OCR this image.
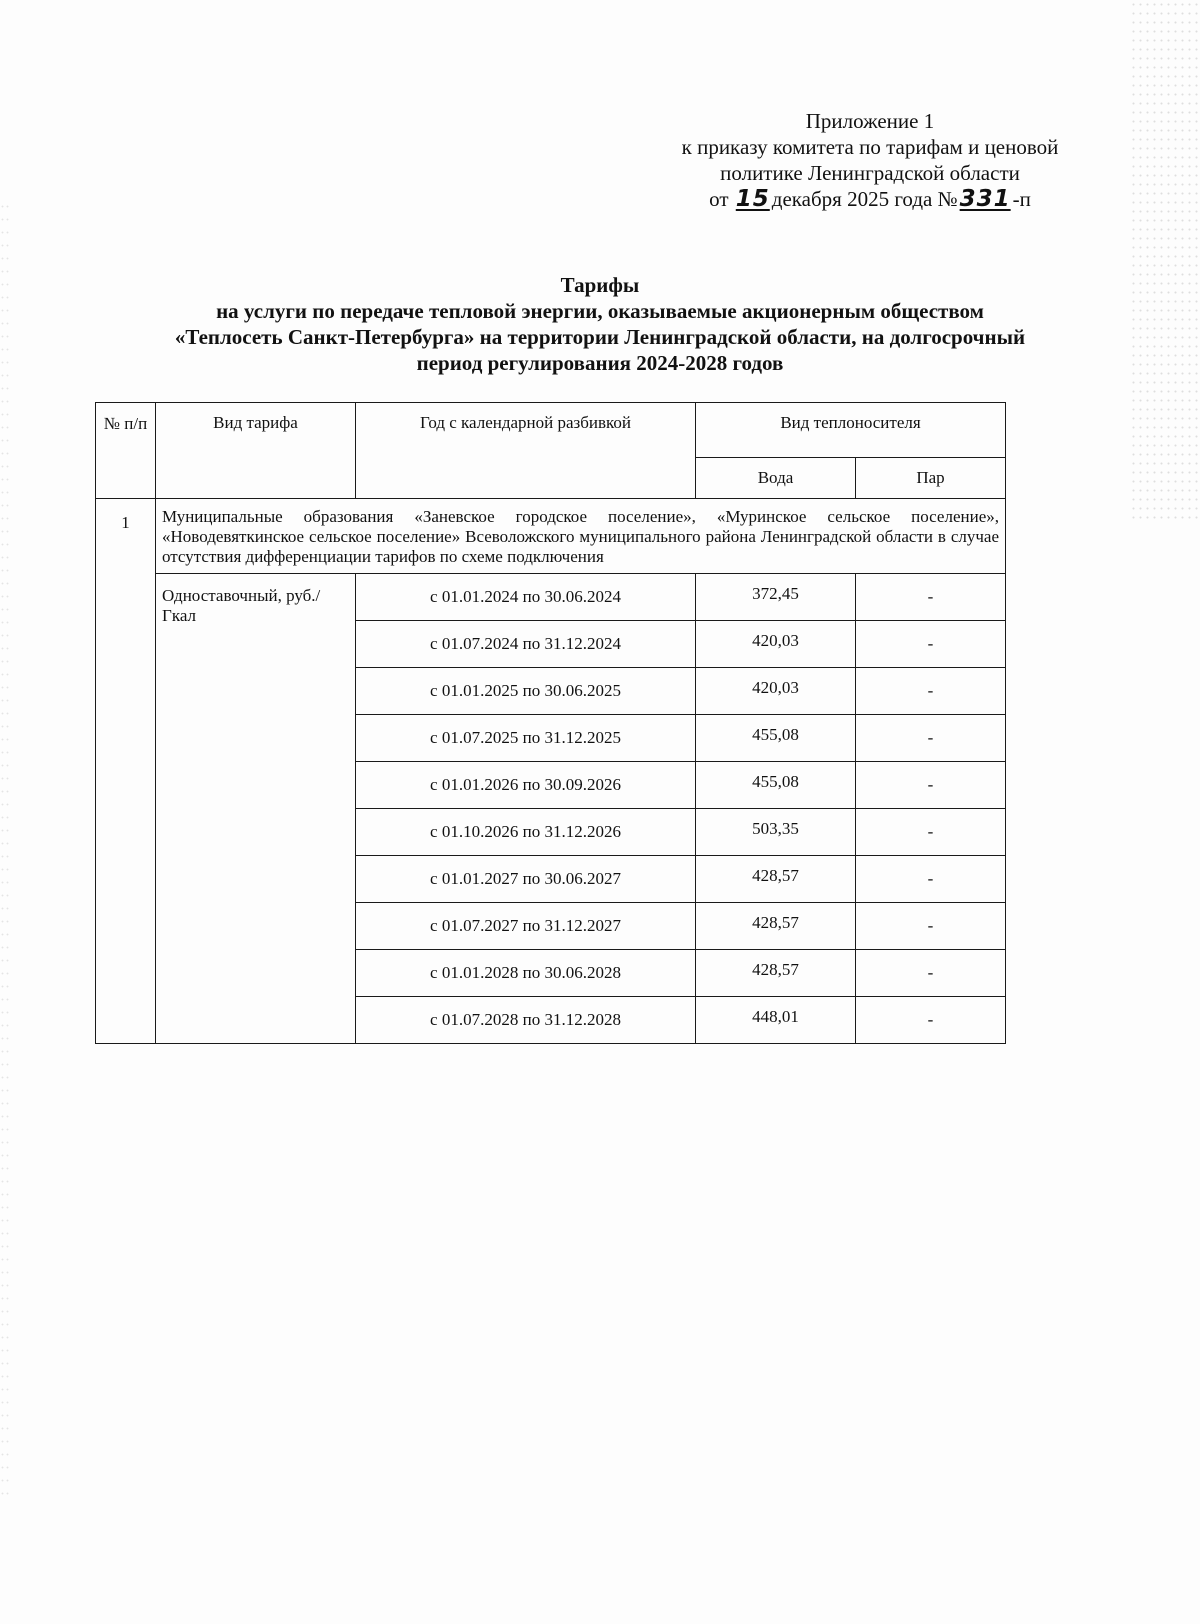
Приложение 1
к приказу комитета по тарифам и ценовой
политике Ленинградской области
от 15декабря 2025 года №331-п
Тарифы
на услуги по передаче тепловой энергии, оказываемые акционерным обществом
«Теплосеть Санкт-Петербурга» на территории Ленинградской области, на долгосрочный
период регулирования 2024-2028 годов
№ п/п	Вид тарифа	Год с календарной разбивкой	Вид теплоносителя	
			Вода	Пар
1	Муниципальные образования «Заневское городское поселение», «Муринское сельское поселение», «Новодевяткинское сельское поселение» Всеволожского муниципального района Ленинградской области в случае отсутствия дифференциации тарифов по схеме подключения			
	Одноставочный, руб./Гкал	с 01.01.2024 по 30.06.2024	372,45	-
		с 01.07.2024 по 31.12.2024	420,03	-
		с 01.01.2025 по 30.06.2025	420,03	-
		с 01.07.2025 по 31.12.2025	455,08	-
		с 01.01.2026 по 30.09.2026	455,08	-
		с 01.10.2026 по 31.12.2026	503,35	-
		с 01.01.2027 по 30.06.2027	428,57	-
		с 01.07.2027 по 31.12.2027	428,57	-
		с 01.01.2028 по 30.06.2028	428,57	-
		с 01.07.2028 по 31.12.2028	448,01	-
